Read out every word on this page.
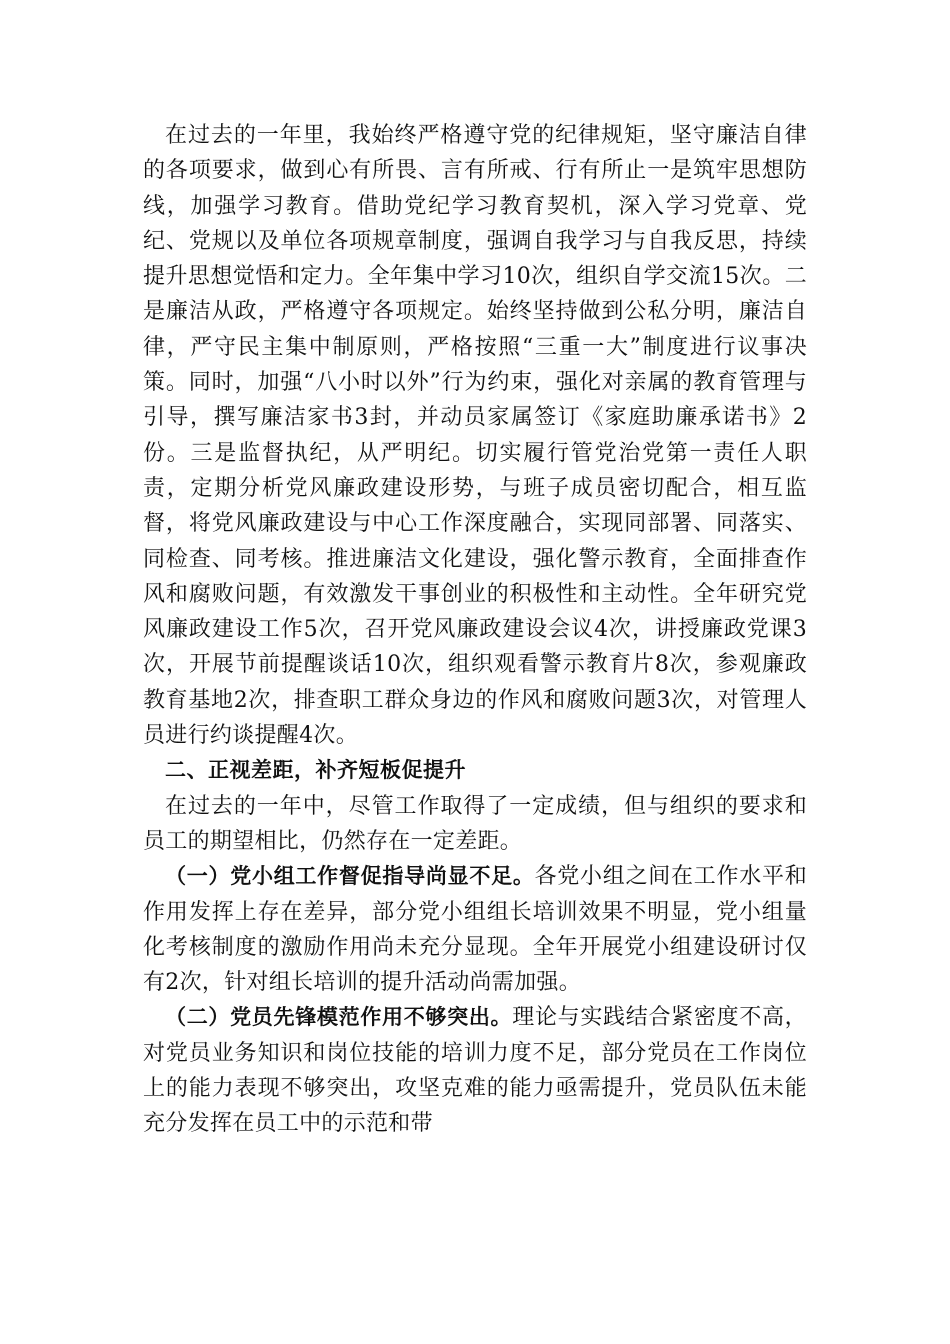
在过去的一年里，我始终严格遵守党的纪律规矩，坚守廉洁自律的各项要求，做到心有所畏、言有所戒、行有所止一是筑牢思想防线，加强学习教育。借助党纪学习教育契机，深入学习党章、党纪、党规以及单位各项规章制度，强调自我学习与自我反思，持续提升思想觉悟和定力。全年集中学习10次，组织自学交流15次。二是廉洁从政，严格遵守各项规定。始终坚持做到公私分明，廉洁自律，严守民主集中制原则，严格按照“三重一大”制度进行议事决策。同时，加强“八小时以外”行为约束，强化对亲属的教育管理与引导，撰写廉洁家书3封，并动员家属签订《家庭助廉承诺书》2份。三是监督执纪，从严明纪。切实履行管党治党第一责任人职责，定期分析党风廉政建设形势，与班子成员密切配合，相互监督，将党风廉政建设与中心工作深度融合，实现同部署、同落实、同检查、同考核。推进廉洁文化建设，强化警示教育，全面排查作风和腐败问题，有效激发干事创业的积极性和主动性。全年研究党风廉政建设工作5次，召开党风廉政建设会议4次，讲授廉政党课3次，开展节前提醒谈话10次，组织观看警示教育片8次，参观廉政教育基地2次，排查职工群众身边的作风和腐败问题3次，对管理人员进行约谈提醒4次。

二、正视差距，补齐短板促提升

在过去的一年中，尽管工作取得了一定成绩，但与组织的要求和员工的期望相比，仍然存在一定差距。

（一）党小组工作督促指导尚显不足。各党小组之间在工作水平和作用发挥上存在差异，部分党小组组长培训效果不明显，党小组量化考核制度的激励作用尚未充分显现。全年开展党小组建设研讨仅有2次，针对组长培训的提升活动尚需加强。

（二）党员先锋模范作用不够突出。理论与实践结合紧密度不高，对党员业务知识和岗位技能的培训力度不足，部分党员在工作岗位上的能力表现不够突出，攻坚克难的能力亟需提升，党员队伍未能充分发挥在员工中的示范和带
